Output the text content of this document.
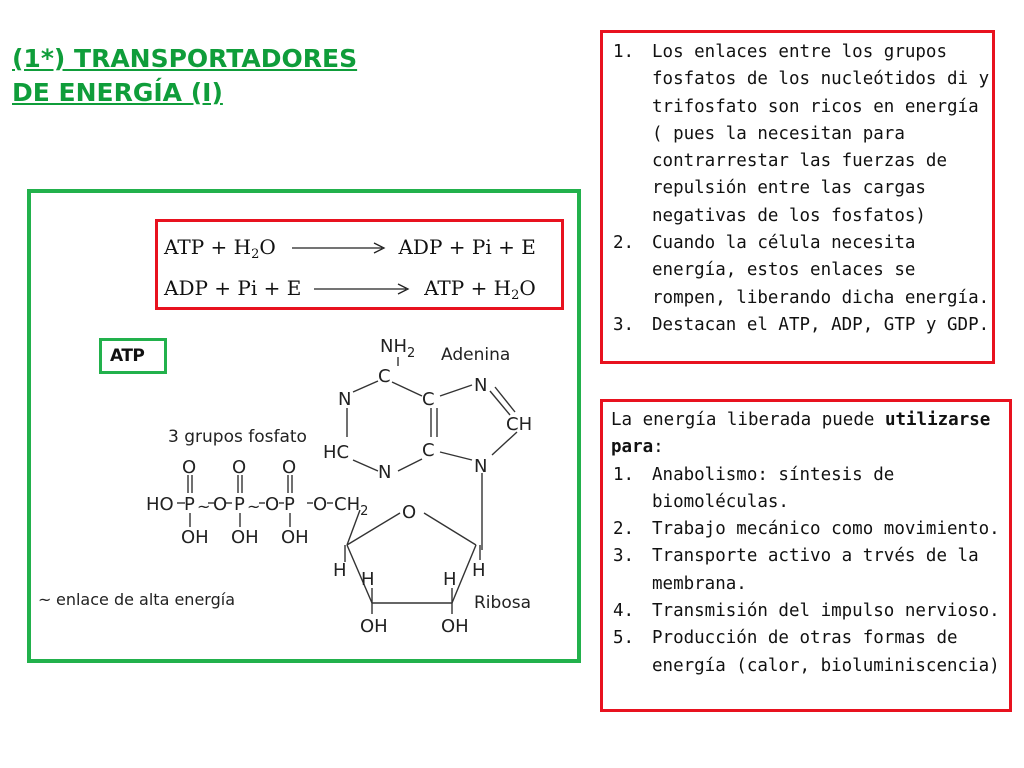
(1*) TRANSPORTADORES
DE ENERGÍA (I)
ATP + $H_2O$	ADP + Pi + E
ADP + Pi + E	ATP + $H_2O$
ATP	$NH_2$ Adenina
C
N	C
N
CH
HC	C
N	N
O
H H	H H
OH	OH
Ribosa
3 grupos fosfato
O O O
HO P ~ O P ~ O P O $CH_2$
OH OH OH
~ enlace de alta energía
1. Los enlaces entre los grupos fosfatos de los nucleótidos di y trifosfato son ricos en energía ( pues la necesitan para contrarrestar las fuerzas de repulsión entre las cargas negativas de los fosfatos)
2. Cuando la célula necesita energía, estos enlaces se rompen, liberando dicha energía.
3. Destacan el ATP, ADP, GTP y GDP.
La energía liberada puede utilizarse para:
1. Anabolismo: síntesis de biomoléculas.
2. Trabajo mecánico como movimiento.
3. Transporte activo a trvés de la membrana.
4. Transmisión del impulso nervioso.
5. Producción de otras formas de energía (calor, bioluminiscencia)
